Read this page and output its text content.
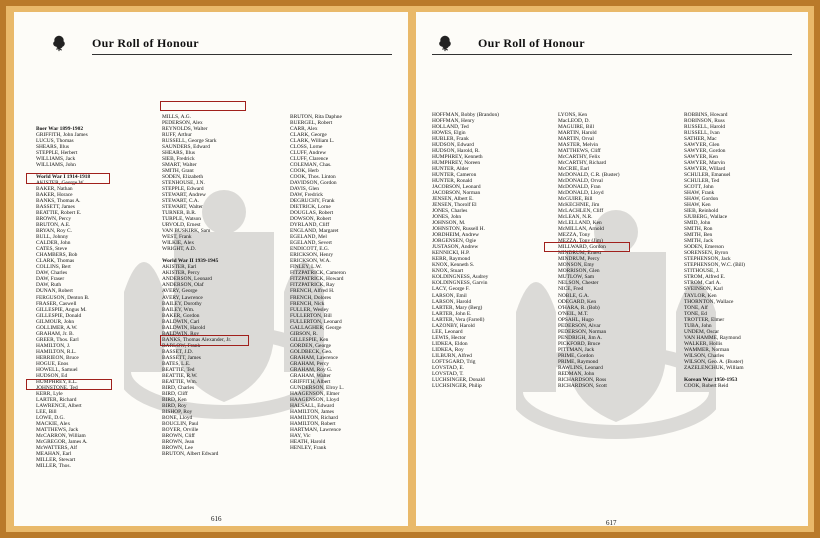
Our Roll of Honour
Boer War 1899-1902
GRIFFITH, John James
LUCUS, Thomas
SHEARS, Illus
STEPPLE, Herbert
WILLIAMS, Jack
WILLIAMS, John
World War I 1914-1918
AKISTER, George W.
BAKER, Nathan
BAKER, Horace
BANKS, Thomas A.
BASSETT, James
BEATTIE, Robert E.
BROWN, Percy
BRUTON, A.E.
BRYAN, Roy C.
BULL, Johnny
CALDER, John
CATES, Steve
CHAMBERS, Bob
CLARK, Thomas
COLLINS, Bert
DAW, Charles
DAW, Fraser
DAW, Ruth
DUNAN, Robert
FERGUSON, Denton B.
FRASER, Caswell
GILLESPIE, Angus M.
GILLESPIE, Donald
GILMOUR, John
GOLLIMER, A.W.
GRAHAM, Jr. B.
GREER, Thos. Earl
HAMILTON, J.
HAMILTON, R.L.
HERRIEON, Bruce
HOGUE, Enos
HOWELL, Samuel
HUDSON, Ed
HUMPHREY, E.L.
JOHNSTONE, Ted
KERR, Lyle
LARTER, Richard
LAWRENCE, Albert
LEE, Bill
LOWE, D.G.
MACKIE, Alex
MATTHEWS, Jack
McCARRON, William
McGREGOR, James A.
McWATTERS, Alf
MEAHAN, Earl
MILLER, Stewart
MILLER, Thos.
MILLS, A.G.
PEDERSON, Alex
REYNOLDS, Walter
RUFF, Arthur
RUSSELL, George Stark
SAUNDERS, Edward
SHEARS, Illus
SIEB, Fredrick
SMART, Walter
SMITH, Grant
SODEN, Elizabeth
STENHOUSE, J.N.
STEPPLE, Edward
STEWART, Andrew
STEWART, C.A.
STEWART, Walter
TURNER, B.R.
TURPLE, Watson
URVOLD, Ernest
VAN BUSKIRK, Sam
WEST, Frank
WILKIE, Alex
WRIGHT, A.D.
World War II 1939-1945
AKISTER, Earl
AKISTER, Percy
ANDERSON, Leonard
ANDERSON, Olaf
AVERY, George
AVERY, Lawrence
BAILEY, Dorothy
BAILEY, Wm.
BAKER, Gordon
BALDWIN, Carl
BALDWIN, Harold
BALDWIN, Roy
BANKS, Thomas Alexander, Jr.
BARLOW, Frank
BASSET, J.D.
BASSETT, James
BATES, L.E.
BEATTIE, Ted
BEATTIE, R.W.
BEATTIE, Wm.
BIRD, Charles
BIRD, Cliff
BIRD, Ken
BIRD, Roy
BISHOP, Roy
BONE, Lloyd
BOUCLIN, Paul
BOYER, Orville
BROWN, Cliff
BROWN, Jean
BROWN, Lee
BRUTON, Albert Edward
BRUTON, Rita Daphne
BUERGEL, Robert
CARR, Alex
CLARK, George
CLARK, William L.
CLOSS, Lorne
CLUFF, Andrew
CLUFF, Clarence
COLEMAN, Chas.
COOK, Herb
COOK, Thos. Linton
DAVIDSON, Gordon
DAVIS, Glen
DAW, Fredrick
DEGRUCHY, Frank
DIETRICK, Lorne
DOUGLAS, Robert
DOWSON, Robert
DYRLAND, Cliff
ENGLAND, Margaret
EGELAND, Mel
EGELAND, Severt
ENDICOTT, E.G.
ERICKSON, Henry
ERICKSON, W.A.
FINLEY, L.W.
FITZPATRICK, Cameron
FITZPATRICK, Howard
FITZPATRICK, Ray
FRENCH, Alfred H.
FRENCH, Dolores
FRENCH, Nick
FULLER, Wesley
FULLERTON, Bill
FULLERTON, Leonard
GALLAGHER, George
GIBSON, R.
GILLESPIE, Ken
GORDEN, George
GOLDBECK, Geo.
GRAHAM, Lawrence
GRAHAM, Percy
GRAHAM, Roy G.
GRAHAM, Walter
GRIFFITH, Albert
GUNDERSON, Elroy L.
HAAGENSON, Elmer
HAAGENSON, Lloyd
HALSALL, Edward
HAMILTON, James
HAMILTON, Richard
HAMILTON, Robert
HARTMAN, Lawrence
HAY, Vic
HEATH, Harold
HENLEY, Frank
616
Our Roll of Honour
HOFFMAN, Bobby (Brandon)
HOFFMAN, Henry
HOLLAND, Ted
HOWES, Elgin
HUBLER, Frank
HUDSON, Edward
HUDSON, Harold, R.
HUMPHREY, Kenneth
HUMPHREY, Noreen
HUNTER, Alder
HUNTER, Cameron
HUNTER, Ronald
JACOBSON, Leonard
JACOBSON, Norman
JENSEN, Albert E.
JENSEN, Thorolf El
JONES, Charles
JONES, John
JOHNSON, M.
JOHNSTON, Russell H.
JORDHEIM, Andrew
JORGENSEN, Ogie
JUSTASON, Andrew
KENNICKI, H.P.
KERR, Raymond
KNOX, Kenneth S.
KNOX, Stuart
KOLDINGNESS, Audrey
KOLDINGNESS, Garvin
LACY, George F.
LARSON, Emil
LARSON, Harold
LARTER, Mary (Berg)
LARTER, John E.
LARTER, Vera (Farrell)
LAZONBY, Harold
LEE, Leonard
LEWIS, Hector
LIDKEA, Eldon
LIDKEA, Roy
LILBURN, Alfred
LOFTSGARD, Trig
LOVSTAD, E.
LOVSTAD, T.
LUCHSINGER, Donald
LUCHSINGER, Philip
LYONS, Ken
MacLEOD, D.
MAGUIRE, Bill
MARTIN, Harold
MARTIN, Orval
MASTER, Melvin
MATTHEWS, Cliff
McCARTHY, Felix
McCARTHY, Richard
McCRIE, Earl
McDONALD, C.R. (Buster)
McDONALD, Orval
McDONALD, Fran
McDONALD, Lloyd
McGUIRE, Bill
McKECHNIE, Jim
McLACHLEN, Cliff
McLEAN, N.R.
McLELLAND, Ken
McMILLAN, Arnold
MEZZA, Tony
MEZZA, Tony (Jim)
MILLWARD, Gordon
MINDRUM, Ernest
MINDRUM, Percy
MONSON, Emy
MORRISON, Glen
MUTLOW, Sam
NELSON, Chester
NICE, Fred
NOBLE, G.A.
ODEGARD, Ken
O'HARA, R. (Bob)
O'NEIL, M.T.
OPSAHL, Hugo
PEDERSON, Alvar
PEDERSON, Norman
PENDRIGH, Jim A.
PICKFORD, Bruce
PITTMAN, Jack
PRIME, Gordon
PRIME, Raymond
RAWLINS, Leonard
REDMAN, John
RICHARDSON, Ross
RICHARDSON, Scott
ROBBINS, Howard
ROBINSON, Russ
RUSSELL, Harold
RUSSELL, Ivan
SATHER, Mac
SAWYER, Glen
SAWYER, Gordon
SAWYER, Ken
SAWYER, Marvin
SAWYER, Willard
SCHULER, Emanuel
SCHULER, Ted
SCOTT, John
SHAW, Frank
SHAW, Gordon
SHAW, Ken
SIEB, Reinhold
SJUBERG, Wallace
SMID, John
SMITH, Ron
SMITH, Ben
SMITH, Jack
SODEN, Emerson
SORENSEN, Byron
STEPHENSON, Jack
STEPHENSON, W.C. (Bill)
STITHOUSE, J.
STROM, Alfred E.
STROM, Carl A.
SVEINSON, Karl
TAYLOR, Ken
THORNTON, Wallace
TONE, Alf
TONE, Ed
TROTTER, Elmer
TUBA, John
UNDEM, Oscar
VAN HAMME, Raymond
WALKER, Hollis
WAMMER, Norman
WILSON, Charles
WILSON, Geo. A. (Buster)
ZAZELENCHUK, William
Korean War 1950-1953
COOK, Robert Reid
617
